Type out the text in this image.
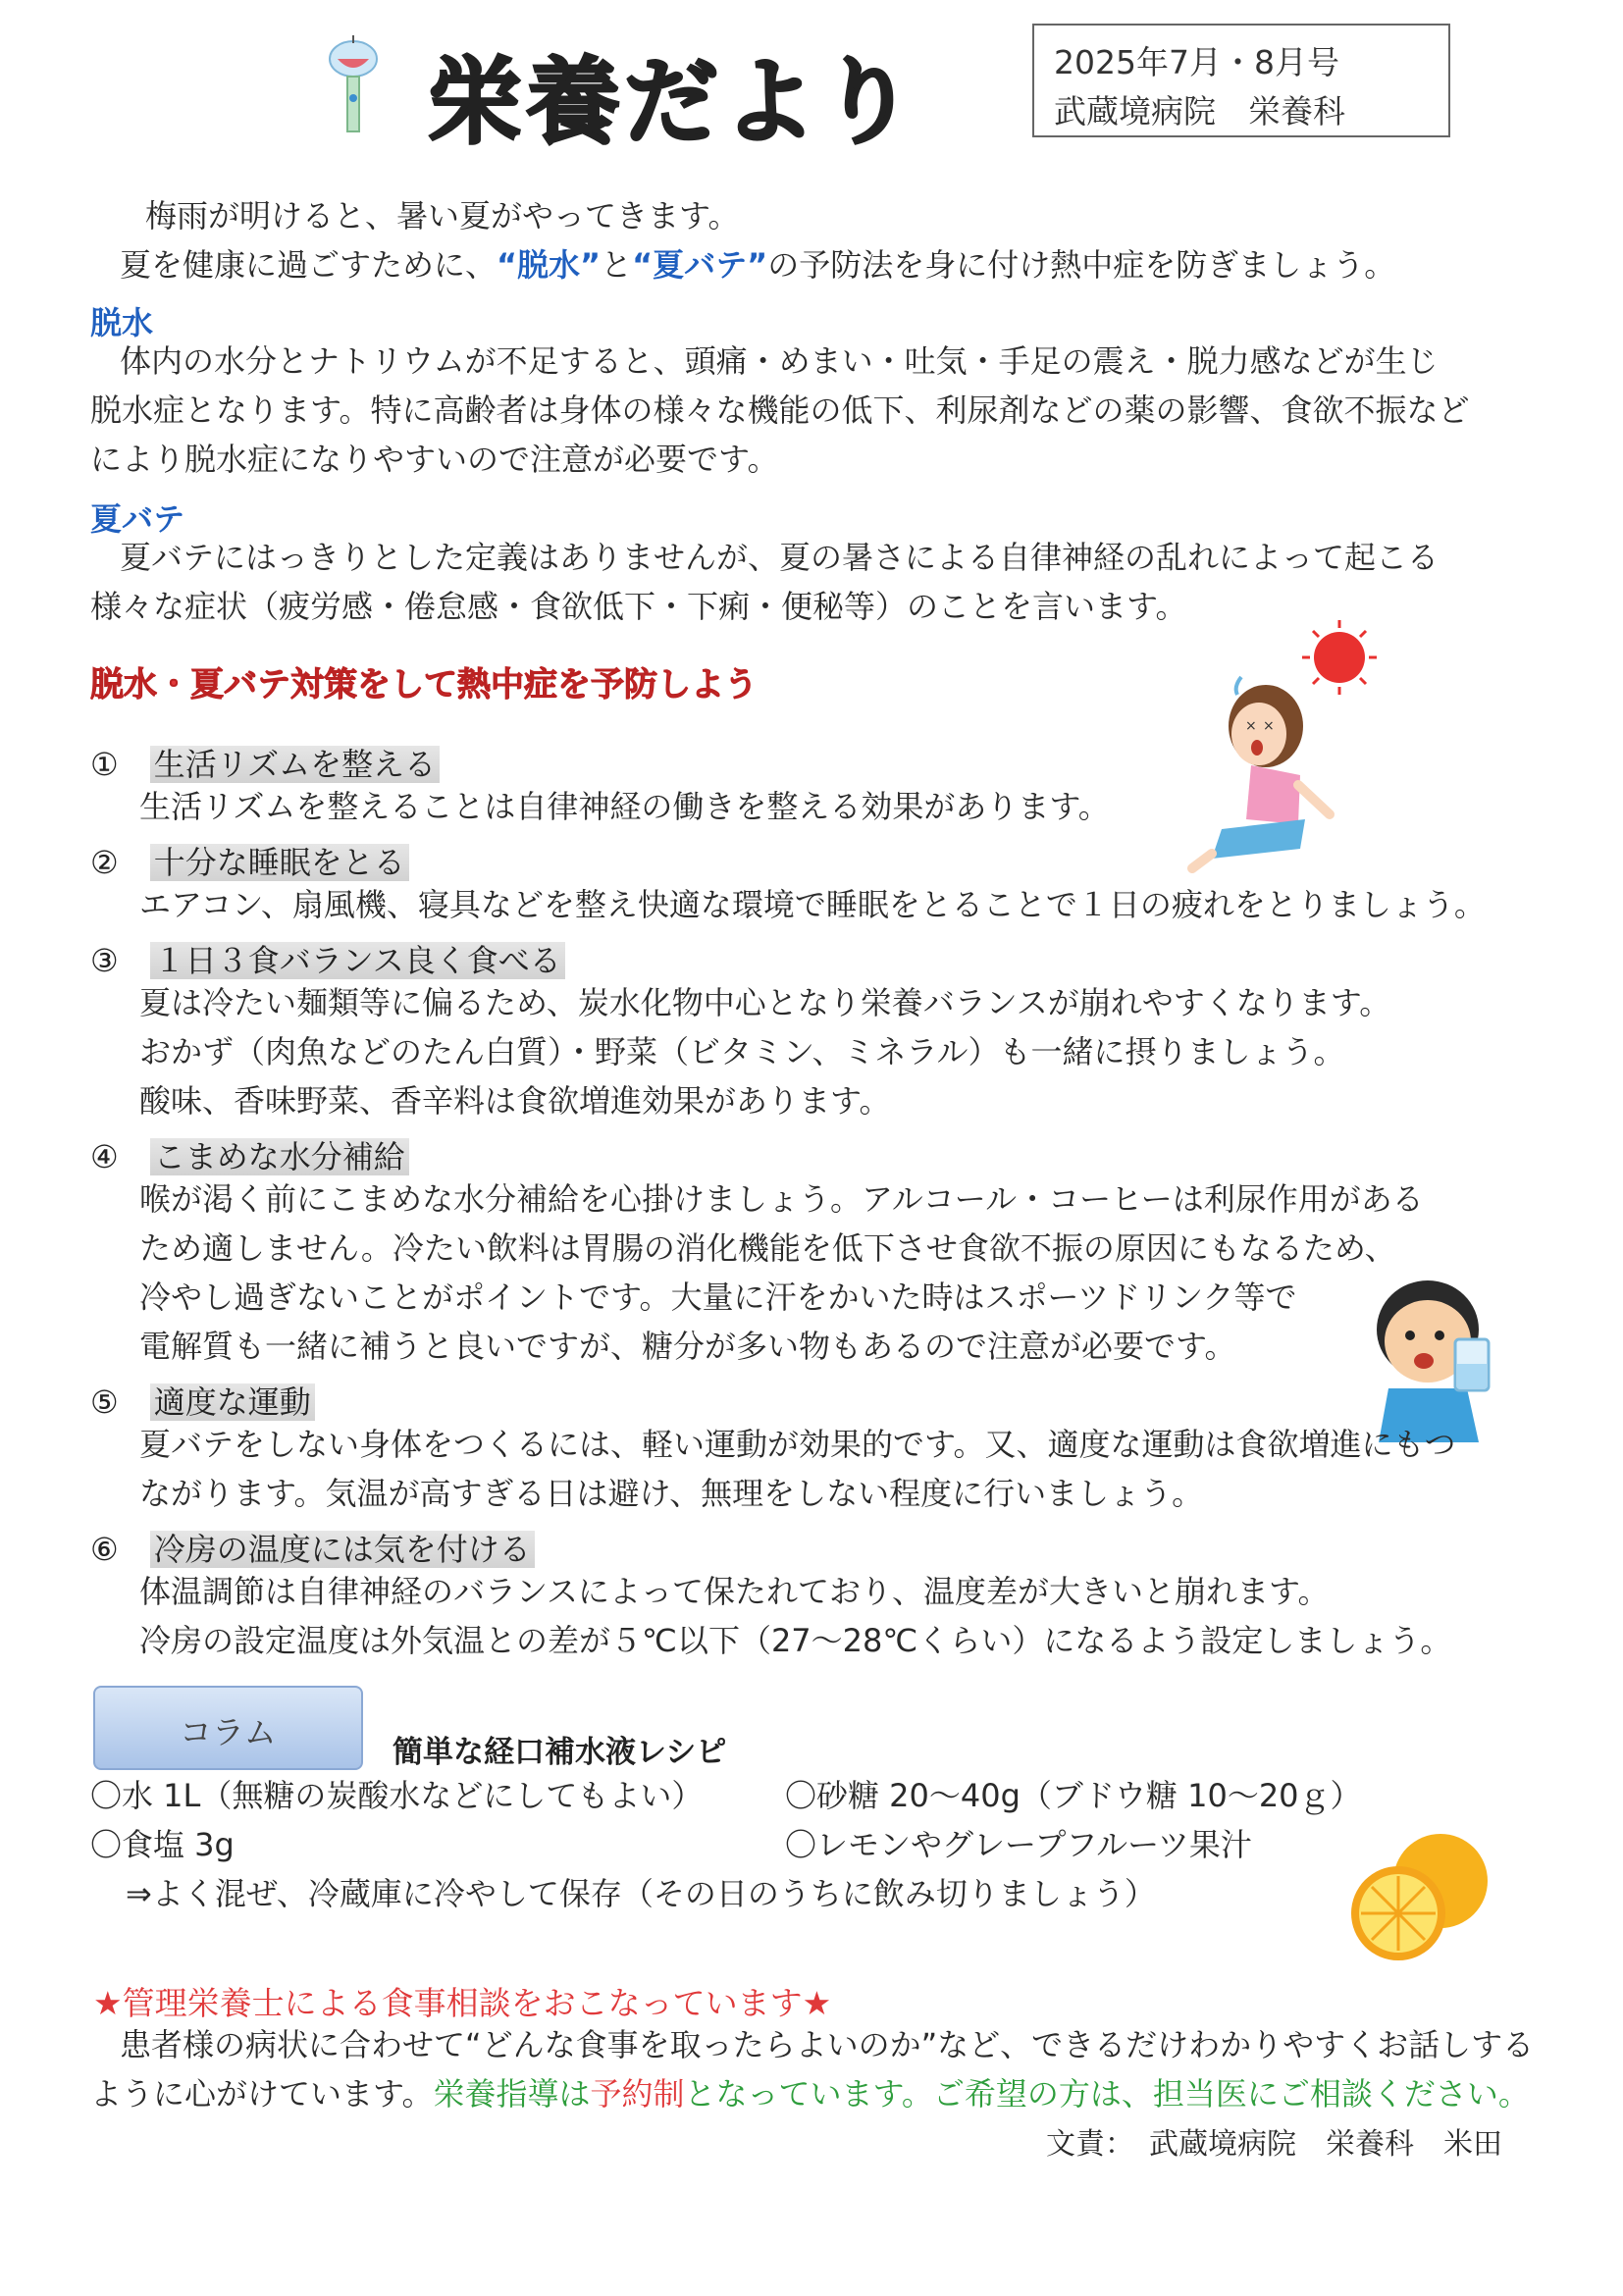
栄養だより	2025年7月・8月号
武蔵境病院　栄養科
梅雨が明けると、暑い夏がやってきます。
夏を健康に過ごすために、“脱水”と“夏バテ”の予防法を身に付け熱中症を防ぎましょう。
脱水
体内の水分とナトリウムが不足すると、頭痛・めまい・吐気・手足の震え・脱力感などが生じ
脱水症となります。特に高齢者は身体の様々な機能の低下、利尿剤などの薬の影響、食欲不振など
により脱水症になりやすいので注意が必要です。
夏バテ
夏バテにはっきりとした定義はありませんが、夏の暑さによる自律神経の乱れによって起こる
様々な症状（疲労感・倦怠感・食欲低下・下痢・便秘等）のことを言います。
脱水・夏バテ対策をして熱中症を予防しよう
× ×
①　 生活リズムを整える
生活リズムを整えることは自律神経の働きを整える効果があります。
②　 十分な睡眠をとる
エアコン、扇風機、寝具などを整え快適な環境で睡眠をとることで１日の疲れをとりましょう。
③　 １日３食バランス良く食べる
夏は冷たい麺類等に偏るため、炭水化物中心となり栄養バランスが崩れやすくなります。
おかず（肉魚などのたん白質）・野菜（ビタミン、ミネラル）も一緒に摂りましょう。
酸味、香味野菜、香辛料は食欲増進効果があります。
④　 こまめな水分補給
喉が渇く前にこまめな水分補給を心掛けましょう。アルコール・コーヒーは利尿作用がある
ため適しません。冷たい飲料は胃腸の消化機能を低下させ食欲不振の原因にもなるため、
冷やし過ぎないことがポイントです。大量に汗をかいた時はスポーツドリンク等で
電解質も一緒に補うと良いですが、糖分が多い物もあるので注意が必要です。
⑤　 適度な運動
夏バテをしない身体をつくるには、軽い運動が効果的です。又、適度な運動は食欲増進にもつ
ながります。気温が高すぎる日は避け、無理をしない程度に行いましょう。
⑥　 冷房の温度には気を付ける
体温調節は自律神経のバランスによって保たれており、温度差が大きいと崩れます。
冷房の設定温度は外気温との差が５℃以下（27～28℃くらい）になるよう設定しましょう。
コラム
簡単な経口補水液レシピ
〇水 1L（無糖の炭酸水などにしてもよい）	〇砂糖 20～40g（ブドウ糖 10～20ｇ）
〇食塩 3g	〇レモンやグレープフルーツ果汁
⇒よく混ぜ、冷蔵庫に冷やして保存（その日のうちに飲み切りましょう）
★管理栄養士による食事相談をおこなっています★
患者様の病状に合わせて“どんな食事を取ったらよいのか”など、できるだけわかりやすくお話しする
ように心がけています。栄養指導は予約制となっています。ご希望の方は、担当医にご相談ください。
文責：　武蔵境病院　栄養科　米田
